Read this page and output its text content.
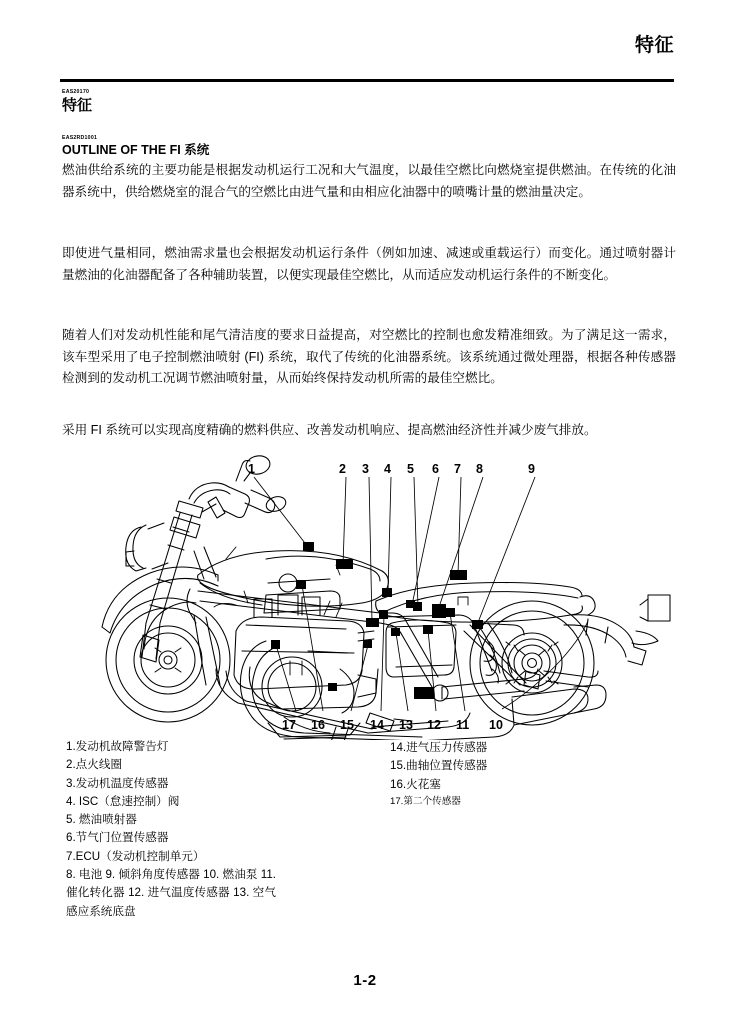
特征
EAS20170
特征
EAS2RD1001
OUTLINE OF THE FI 系统

燃油供给系统的主要功能是根据发动机运行工况和大气温度，以最佳空燃比向燃烧室提供燃油。在传统的化油器系统中，供给燃烧室的混合气的空燃比由进气量和由相应化油器中的喷嘴计量的燃油量决定。

即使进气量相同，燃油需求量也会根据发动机运行条件（例如加速、减速或重载运行）而变化。通过喷射器计量燃油的化油器配备了各种辅助装置，以便实现最佳空燃比，从而适应发动机运行条件的不断变化。

随着人们对发动机性能和尾气清洁度的要求日益提高，对空燃比的控制也愈发精准细致。为了满足这一需求，该车型采用了电子控制燃油喷射 (FI) 系统，取代了传统的化油器系统。该系统通过微处理器，根据各种传感器检测到的发动机工况调节燃油喷射量，从而始终保持发动机所需的最佳空燃比。

采用 FI 系统可以实现高度精确的燃料供应、改善发动机响应、提高燃油经济性并减少废气排放。

1	2 3 4 5 6 7 8	9
17 16 15 14 13 12 11 10
1.发动机故障警告灯
2.点火线圈
3.发动机温度传感器
4. ISC（怠速控制）阀
5. 燃油喷射器
6.节气门位置传感器
7.ECU（发动机控制单元）
8. 电池 9. 倾斜角度传感器 10. 燃油泵 11. 催化转化器 12. 进气温度传感器 13. 空气感应系统底盘
14.进气压力传感器
15.曲轴位置传感器
16.火花塞
17.第二个传感器
1-2
